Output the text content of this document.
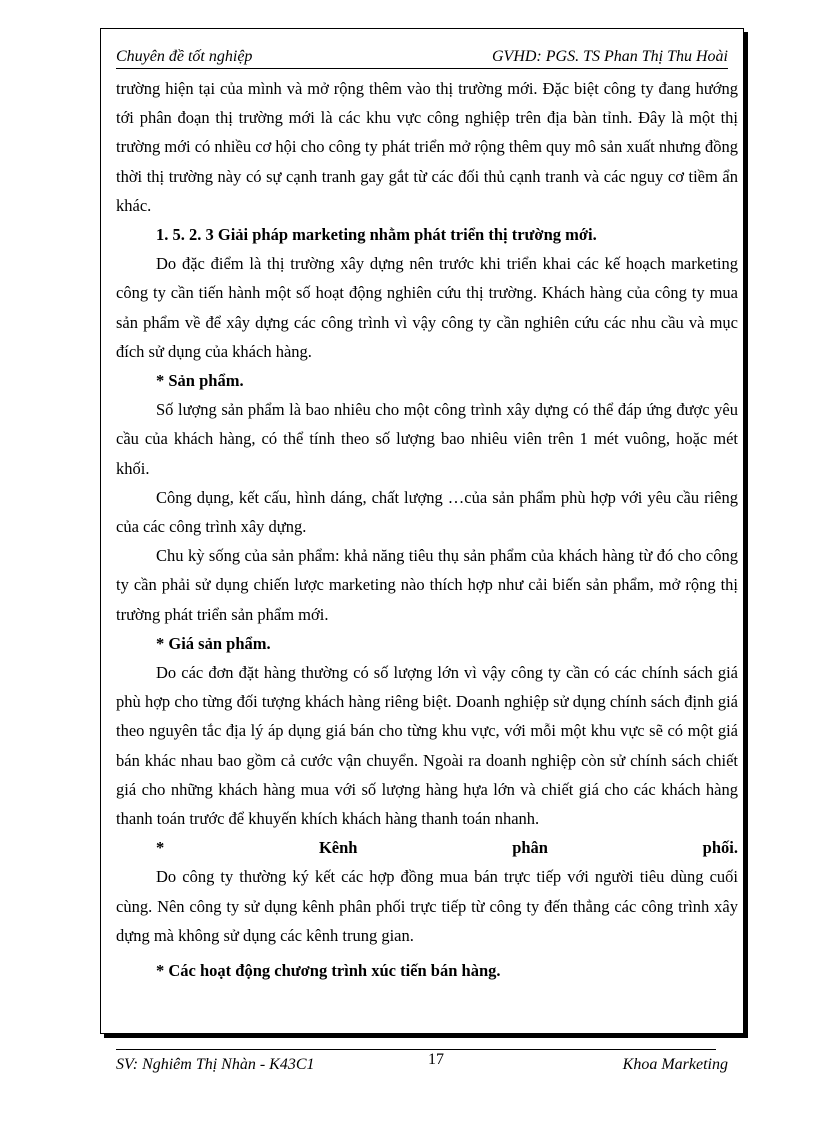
Chuyên đề tốt nghiệp	GVHD: PGS. TS Phan Thị Thu Hoài

trường hiện tại của mình và mở rộng thêm vào thị trường mới. Đặc biệt công ty đang hướng tới phân đoạn thị trường mới là các khu vực công nghiệp trên địa bàn tỉnh. Đây là một thị trường mới có nhiều cơ hội cho công ty phát triển mở rộng thêm quy mô sản xuất nhưng đồng thời thị trường này có sự cạnh tranh gay gắt từ các đối thủ cạnh tranh và các nguy cơ tiềm ẩn khác.

1. 5. 2. 3 Giải pháp marketing nhằm phát triển thị trường mới.

Do đặc điểm là thị trường xây dựng nên trước khi triển khai các kế hoạch marketing công ty cần tiến hành một số hoạt động nghiên cứu thị trường. Khách hàng của công ty mua sản phẩm về để xây dựng các công trình vì vậy công ty cần nghiên cứu các nhu cầu và mục đích sử dụng của khách hàng.

* Sản phẩm.

Số lượng sản phẩm là bao nhiêu cho một công trình xây dựng có thể đáp ứng được yêu cầu của khách hàng, có thể tính theo số lượng bao nhiêu viên trên 1 mét vuông, hoặc mét khối.

Công dụng, kết cấu, hình dáng, chất lượng …của sản phẩm phù hợp với yêu cầu riêng của các công trình xây dựng.

Chu kỳ sống của sản phẩm: khả năng tiêu thụ sản phẩm của khách hàng từ đó cho công ty cần phải sử dụng chiến lược marketing nào thích hợp như cải biến sản phẩm, mở rộng thị trường phát triển sản phẩm mới.

* Giá sản phẩm.

Do các đơn đặt hàng thường có số lượng lớn vì vậy công ty cần có các chính sách giá phù hợp cho từng đối tượng khách hàng riêng biệt. Doanh nghiệp sử dụng chính sách định giá theo nguyên tắc địa lý áp dụng giá bán cho từng khu vực, với mỗi một khu vực sẽ có một giá bán khác nhau bao gồm cả cước vận chuyển. Ngoài ra doanh nghiệp còn sử chính sách chiết giá cho những khách hàng mua với số lượng hàng hựa lớn và chiết giá cho các khách hàng thanh toán trước để khuyến khích khách hàng thanh toán nhanh.

* Kênh phân phối.

Do công ty thường ký kết các hợp đồng mua bán trực tiếp với người tiêu dùng cuối cùng. Nên công ty sử dụng kênh phân phối trực tiếp từ công ty đến thẳng các công trình xây dựng mà không sử dụng các kênh trung gian.

* Các hoạt động chương trình xúc tiến bán hàng.

SV: Nghiêm Thị Nhàn - K43C1	17	Khoa Marketing
